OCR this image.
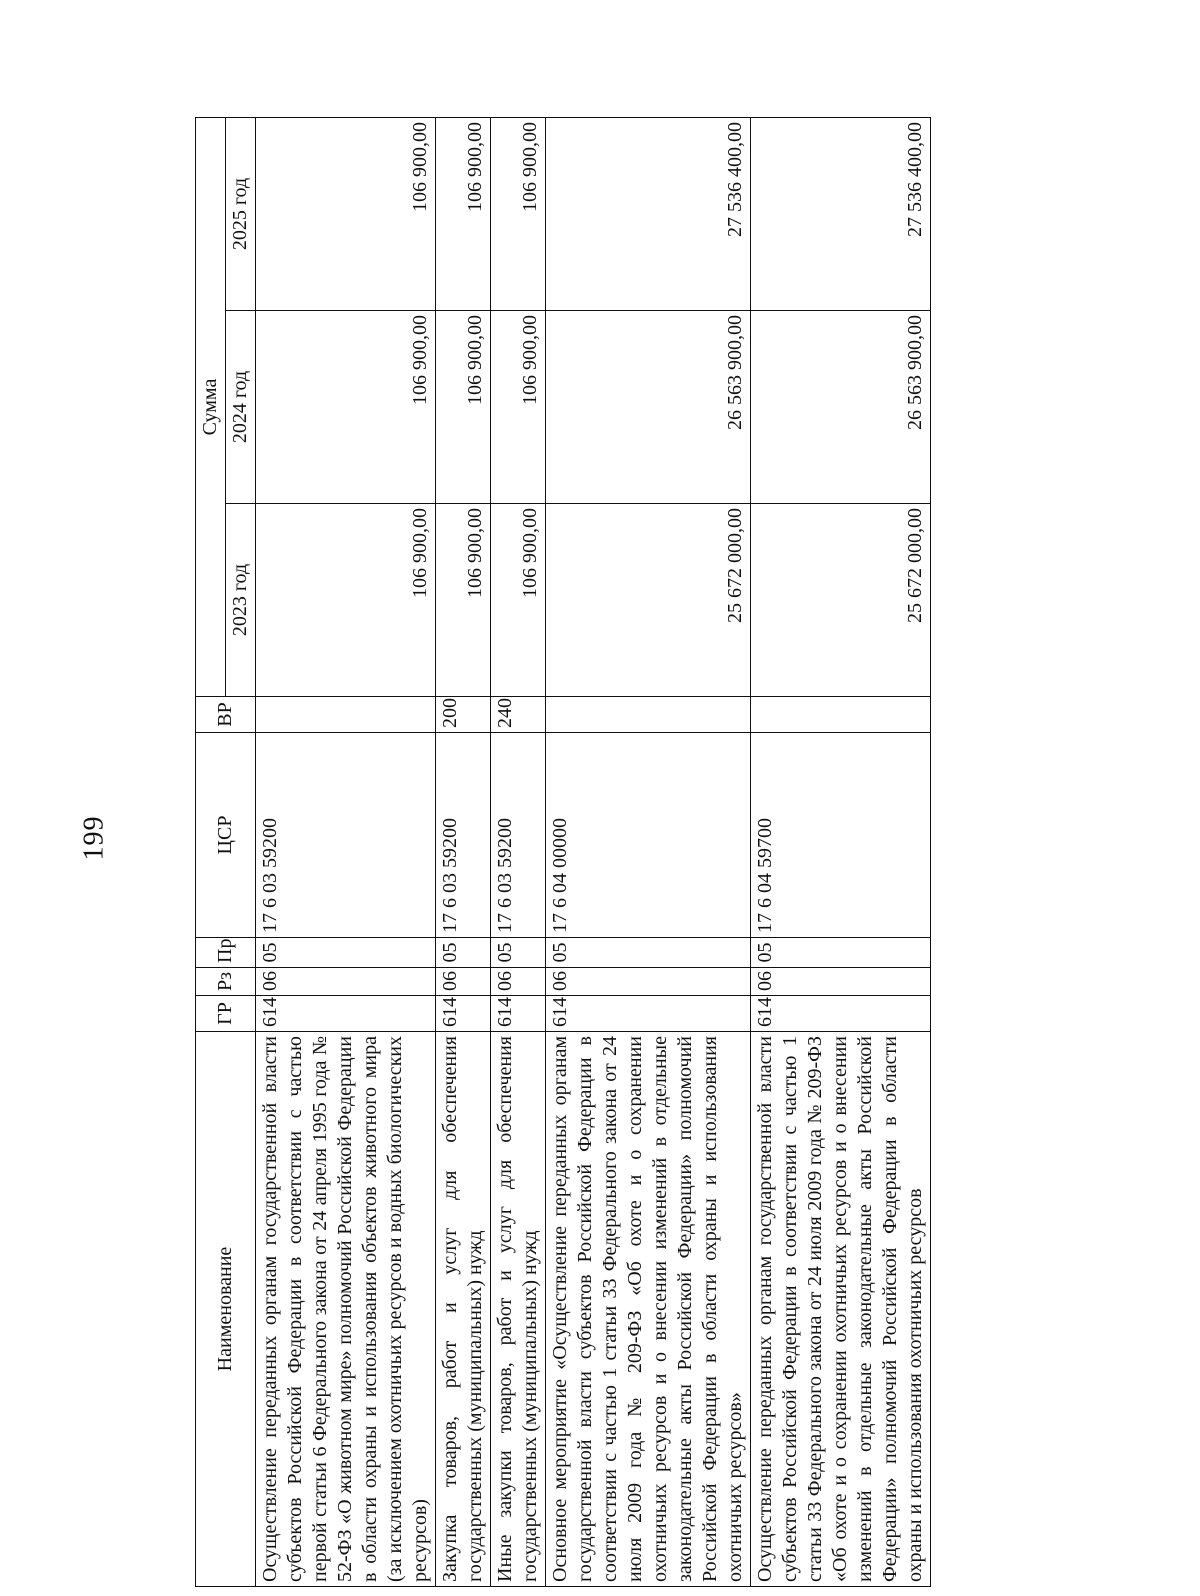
199
Наименование	ГР	Рз	Пр	ЦСР	ВР	Сумма		
						2023 год	2024 год	2025 год
Осуществление переданных органам государственной власти субъектов Российской Федерации в соответствии с частью первой статьи 6 Федерального закона от 24 апреля 1995 года № 52-ФЗ «О животном мире» полномочий Российской Федерации в области охраны и использования объектов животного мира (за исключением охотничьих ресурсов и водных биологических ресурсов)	614	06	05	17 6 03 59200		106 900,00	106 900,00	106 900,00
Закупка товаров, работ и услуг для обеспечения государственных (муниципальных) нужд	614	06	05	17 6 03 59200	200	106 900,00	106 900,00	106 900,00
Иные закупки товаров, работ и услуг для обеспечения государственных (муниципальных) нужд	614	06	05	17 6 03 59200	240	106 900,00	106 900,00	106 900,00
Основное мероприятие «Осуществление переданных органам государственной власти субъектов Российской Федерации в соответствии с частью 1 статьи 33 Федерального закона от 24 июля 2009 года № 209-ФЗ «Об охоте и о сохранении охотничьих ресурсов и о внесении изменений в отдельные законодательные акты Российской Федерации» полномочий Российской Федерации в области охраны и использования охотничьих ресурсов»	614	06	05	17 6 04 00000		25 672 000,00	26 563 900,00	27 536 400,00
Осуществление переданных органам государственной власти субъектов Российской Федерации в соответствии с частью 1 статьи 33 Федерального закона от 24 июля 2009 года № 209-ФЗ «Об охоте и о сохранении охотничьих ресурсов и о внесении изменений в отдельные законодательные акты Российской Федерации» полномочий Российской Федерации в области охраны и использования охотничьих ресурсов	614	06	05	17 6 04 59700		25 672 000,00	26 563 900,00	27 536 400,00
